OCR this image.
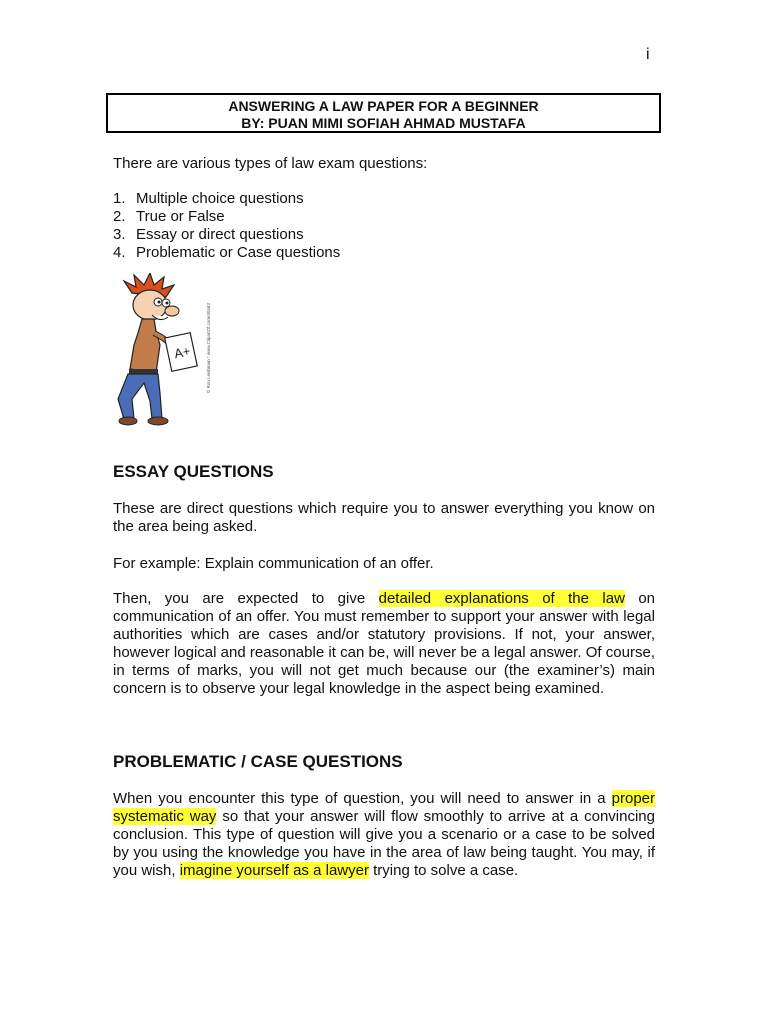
i
ANSWERING A LAW PAPER FOR A BEGINNER
BY: PUAN MIMI SOFIAH AHMAD MUSTAFA
There are various types of law exam questions:
1. Multiple choice questions
2. True or False
3. Essay or direct questions
4. Problematic or Case questions
A+	© Ron Leishman * www.ClipartOf.com/40463
ESSAY QUESTIONS

These are direct questions which require you to answer everything you know on the area being asked.

For example: Explain communication of an offer.

Then, you are expected to give detailed explanations of the law on communication of an offer. You must remember to support your answer with legal authorities which are cases and/or statutory provisions. If not, your answer, however logical and reasonable it can be, will never be a legal answer. Of course, in terms of marks, you will not get much because our (the examiner’s) main concern is to observe your legal knowledge in the aspect being examined.

PROBLEMATIC / CASE QUESTIONS

When you encounter this type of question, you will need to answer in a proper systematic way so that your answer will flow smoothly to arrive at a convincing conclusion. This type of question will give you a scenario or a case to be solved by you using the knowledge you have in the area of law being taught. You may, if you wish, imagine yourself as a lawyer trying to solve a case.
